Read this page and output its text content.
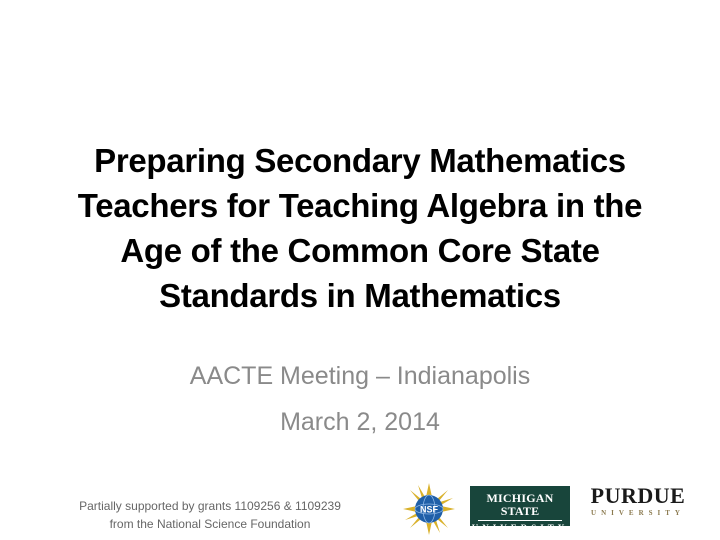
Preparing Secondary Mathematics
Teachers for Teaching Algebra in the
Age of the Common Core State
Standards in Mathematics
AACTE Meeting – Indianapolis
March 2, 2014
Partially supported by grants 1109256 & 1109239
from the National Science Foundation
NSF
MICHIGAN STATE
UNIVERSITY
PURDUE
UNIVERSITY
